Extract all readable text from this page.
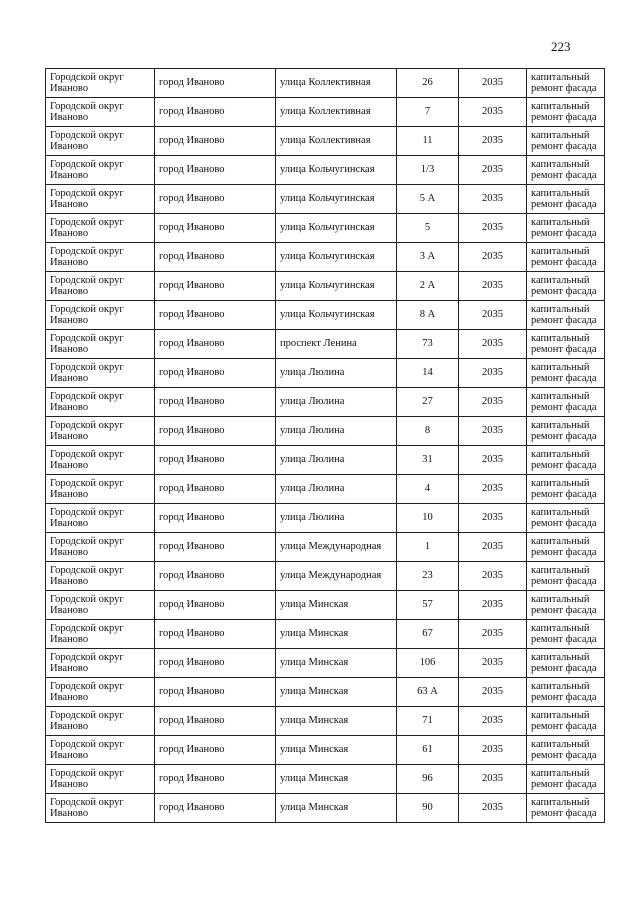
223
Городской округ Иваново	город Иваново	улица Коллективная	26	2035	капитальный ремонт фасада
Городской округ Иваново	город Иваново	улица Коллективная	7	2035	капитальный ремонт фасада
Городской округ Иваново	город Иваново	улица Коллективная	11	2035	капитальный ремонт фасада
Городской округ Иваново	город Иваново	улица Кольчугинская	1/3	2035	капитальный ремонт фасада
Городской округ Иваново	город Иваново	улица Кольчугинская	5 А	2035	капитальный ремонт фасада
Городской округ Иваново	город Иваново	улица Кольчугинская	5	2035	капитальный ремонт фасада
Городской округ Иваново	город Иваново	улица Кольчугинская	3 А	2035	капитальный ремонт фасада
Городской округ Иваново	город Иваново	улица Кольчугинская	2 А	2035	капитальный ремонт фасада
Городской округ Иваново	город Иваново	улица Кольчугинская	8 А	2035	капитальный ремонт фасада
Городской округ Иваново	город Иваново	проспект Ленина	73	2035	капитальный ремонт фасада
Городской округ Иваново	город Иваново	улица Люлина	14	2035	капитальный ремонт фасада
Городской округ Иваново	город Иваново	улица Люлина	27	2035	капитальный ремонт фасада
Городской округ Иваново	город Иваново	улица Люлина	8	2035	капитальный ремонт фасада
Городской округ Иваново	город Иваново	улица Люлина	31	2035	капитальный ремонт фасада
Городской округ Иваново	город Иваново	улица Люлина	4	2035	капитальный ремонт фасада
Городской округ Иваново	город Иваново	улица Люлина	10	2035	капитальный ремонт фасада
Городской округ Иваново	город Иваново	улица Международная	1	2035	капитальный ремонт фасада
Городской округ Иваново	город Иваново	улица Международная	23	2035	капитальный ремонт фасада
Городской округ Иваново	город Иваново	улица Минская	57	2035	капитальный ремонт фасада
Городской округ Иваново	город Иваново	улица Минская	67	2035	капитальный ремонт фасада
Городской округ Иваново	город Иваново	улица Минская	106	2035	капитальный ремонт фасада
Городской округ Иваново	город Иваново	улица Минская	63 А	2035	капитальный ремонт фасада
Городской округ Иваново	город Иваново	улица Минская	71	2035	капитальный ремонт фасада
Городской округ Иваново	город Иваново	улица Минская	61	2035	капитальный ремонт фасада
Городской округ Иваново	город Иваново	улица Минская	96	2035	капитальный ремонт фасада
Городской округ Иваново	город Иваново	улица Минская	90	2035	капитальный ремонт фасада
